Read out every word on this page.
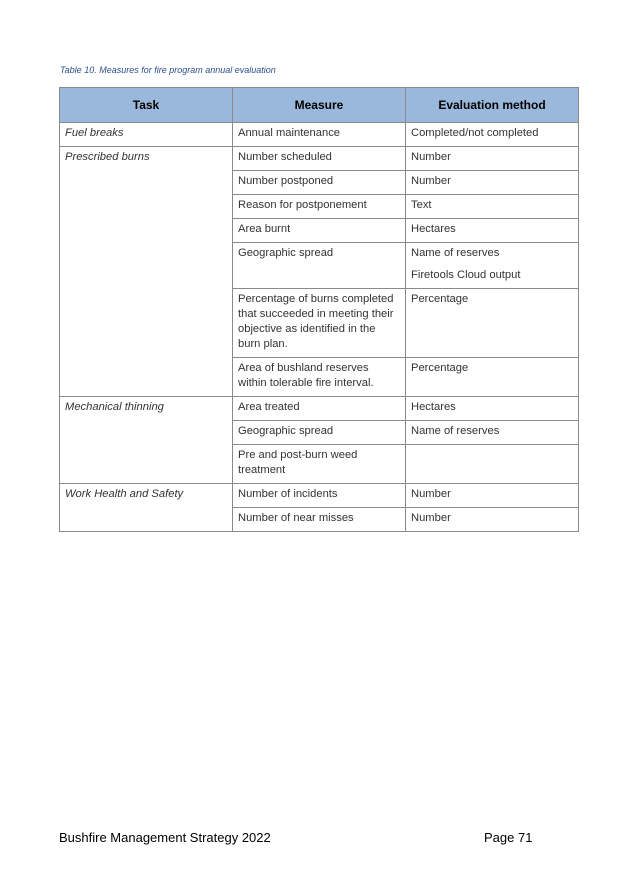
Table 10. Measures for fire program annual evaluation
Task	Measure	Evaluation method
Fuel breaks	Annual maintenance	Completed/not completed
Prescribed burns	Number scheduled	Number
	Number postponed	Number
	Reason for postponement	Text
	Area burnt	Hectares
	Geographic spread	Name of reserves
Firetools Cloud output

	Percentage of burns completed that succeeded in meeting their objective as identified in the burn plan.	Percentage
	Area of bushland reserves within tolerable fire interval.	Percentage
Mechanical thinning	Area treated	Hectares
	Geographic spread	Name of reserves
	Pre and post-burn weed treatment	
Work Health and Safety	Number of incidents	Number
	Number of near misses	Number
Bushfire Management Strategy 2022	Page 71
